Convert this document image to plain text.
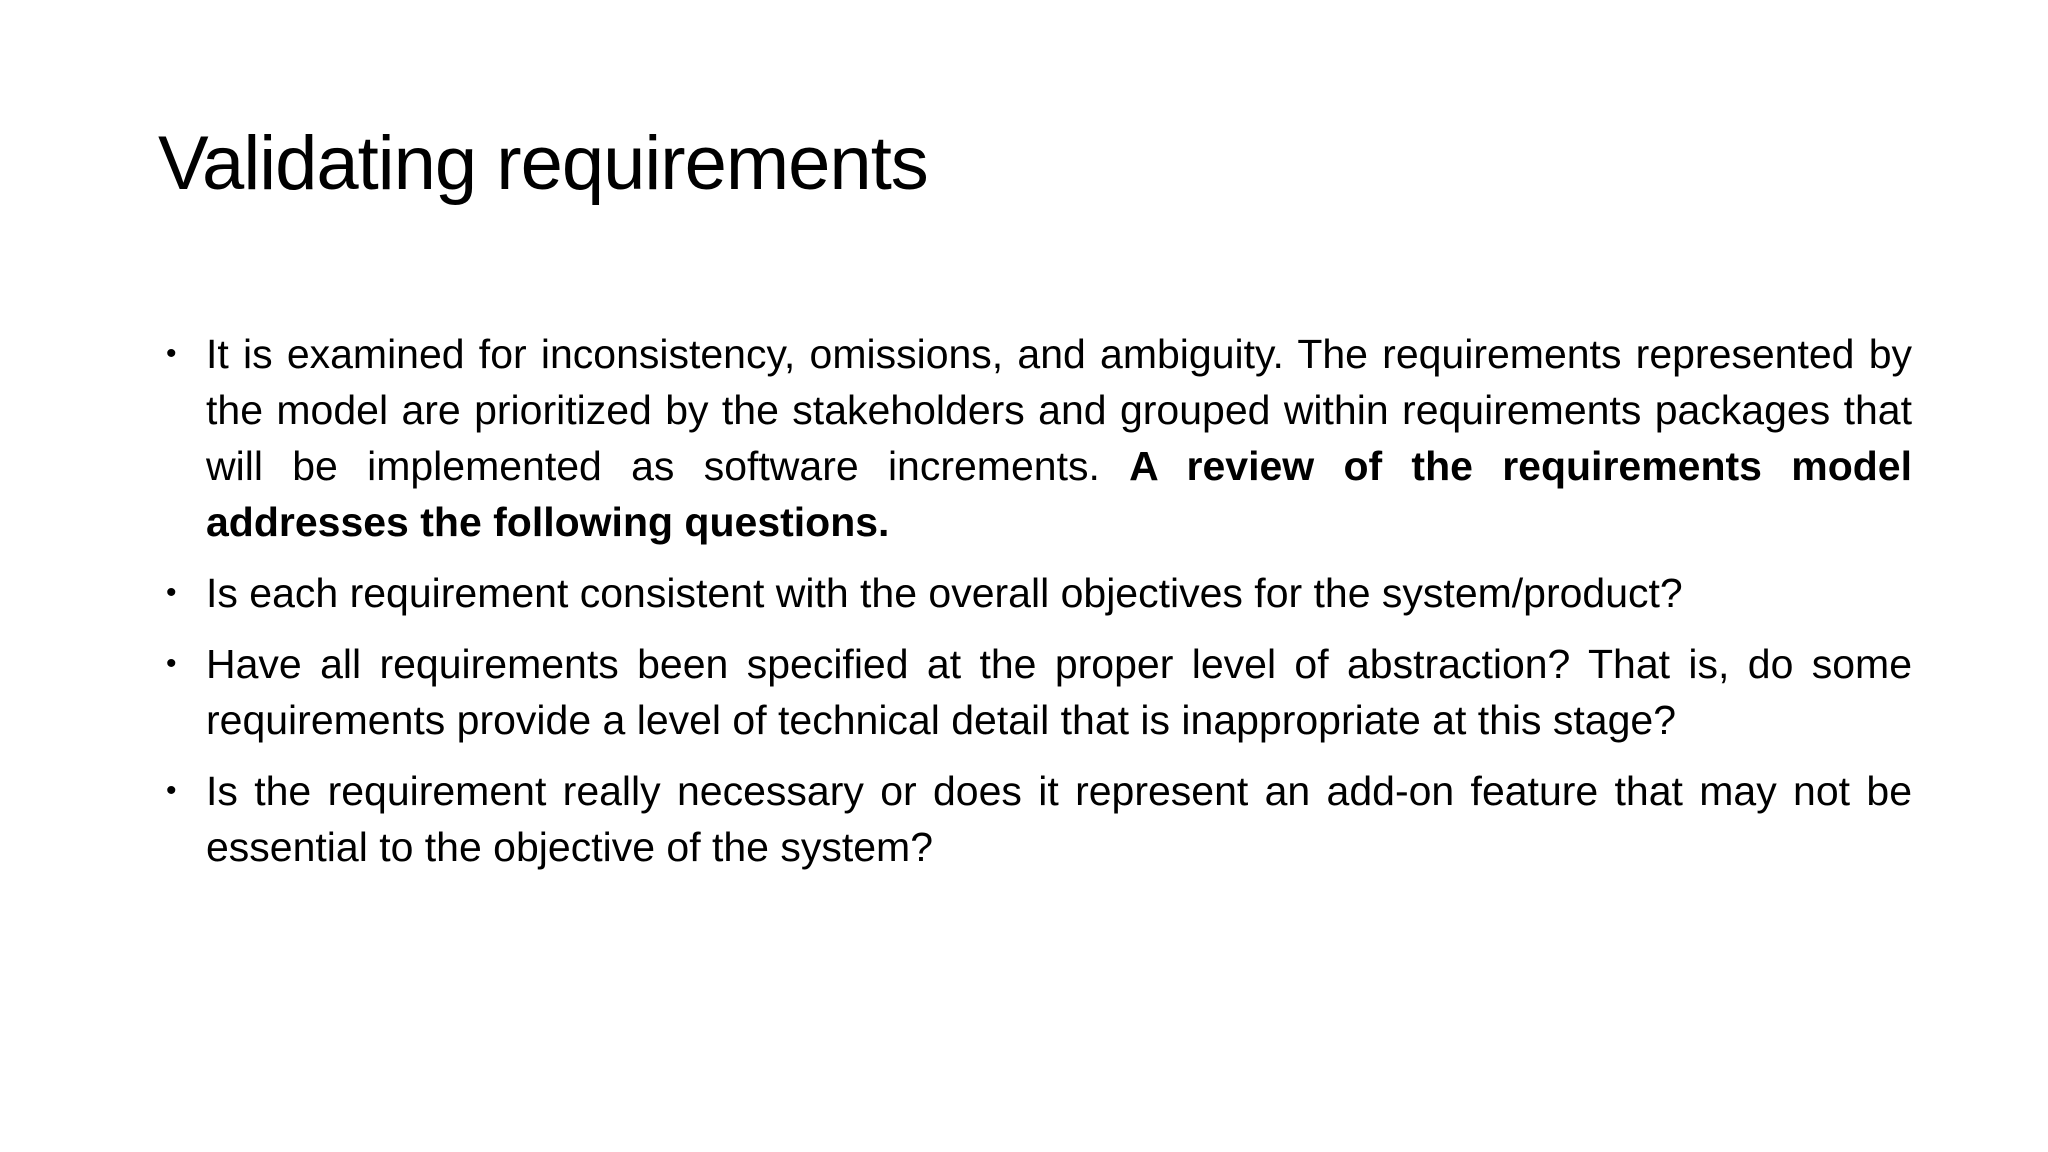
Validating requirements
• It is examined for inconsistency, omissions, and ambiguity. The requirements represented by the model are prioritized by the stakeholders and grouped within requirements packages that will be implemented as software increments. A review of the requirements model addresses the following questions.
• Is each requirement consistent with the overall objectives for the system/product?
• Have all requirements been specified at the proper level of abstraction? That is, do some requirements provide a level of technical detail that is inappropriate at this stage?
• Is the requirement really necessary or does it represent an add-on feature that may not be essential to the objective of the system?
